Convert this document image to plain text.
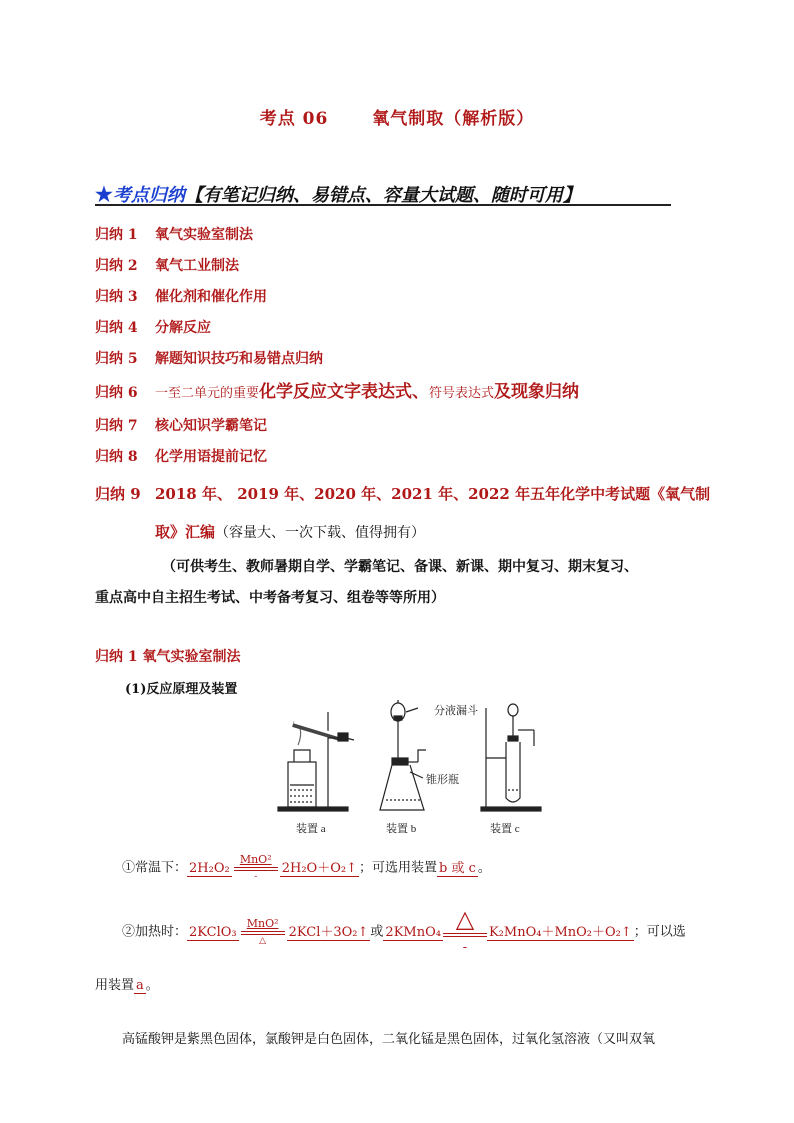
考点 06	氧气制取（解析版）
★考点归纳【有笔记归纳、易错点、容量大试题、随时可用】
归纳 1 氧气实验室制法
归纳 2 氧气工业制法
归纳 3 催化剂和催化作用
归纳 4 分解反应
归纳 5 解题知识技巧和易错点归纳
归纳 6 一至二单元的重要化学反应文字表达式、符号表达式及现象归纳
归纳 7 核心知识学霸笔记
归纳 8 化学用语提前记忆
归纳 9 2018 年、 2019 年、2020 年、2021 年、2022 年五年化学中考试题《氧气制
取》汇编（容量大、一次下载、值得拥有）
（可供考生、教师暑期自学、学霸笔记、备课、新课、期中复习、期末复习、
重点高中自主招生考试、中考备考复习、组卷等等所用）
归纳 1 氧气实验室制法
(1)反应原理及装置
分液漏斗
锥形瓶
装置 a	装置 b	装置 c
①常温下： 2H₂O₂
MnO²
-
2H₂O＋O₂↑ ；可选用装置 b 或 c 。
②加热时： 2KClO₃
MnO²
△
2KCl＋3O₂↑ 或 2KMnO₄ △
-
K₂MnO₄＋MnO₂＋O₂↑ ；可以选
用装置 a 。
高锰酸钾是紫黑色固体，氯酸钾是白色固体，二氧化锰是黑色固体，过氧化氢溶液（又叫双氧
